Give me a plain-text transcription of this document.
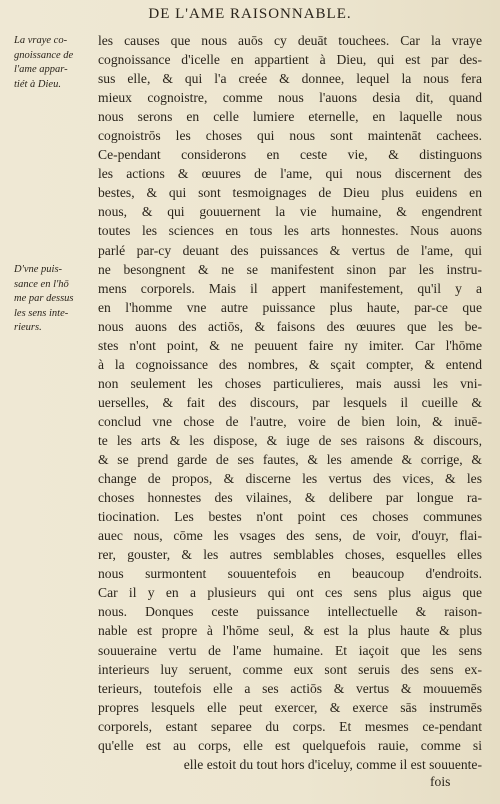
DE L'AME RAISONNABLE.
La vraye co-
gnoissance de
l'ame appar-
tiét à Dieu.
D'vne puis-
sance en l'hō
me par dessus
les sens inte-
rieurs.
les causes que nous auōs cy deuāt touchees. Car la vraye
cognoissance d'icelle en appartient à Dieu, qui est par des-
sus elle, & qui l'a creée & donnee, lequel la nous fera
mieux cognoistre, comme nous l'auons desia dit, quand
nous serons en celle lumiere eternelle, en laquelle nous
cognoistrōs les choses qui nous sont maintenāt cachees.
Ce-pendant considerons en ceste vie, & distinguons
les actions & œuures de l'ame, qui nous discernent des
bestes, & qui sont tesmoignages de Dieu plus euidens en
nous, & qui gouuernent la vie humaine, & engendrent
toutes les sciences en tous les arts honnestes. Nous auons
parlé par-cy deuant des puissances & vertus de l'ame, qui
ne besongnent & ne se manifestent sinon par les instru-
mens corporels. Mais il appert manifestement, qu'il y a
en l'homme vne autre puissance plus haute, par-ce que
nous auons des actiōs, & faisons des œuures que les be-
stes n'ont point, & ne peuuent faire ny imiter. Car l'hōme
à la cognoissance des nombres, & sçait compter, & entend
non seulement les choses particulieres, mais aussi les vni-
uerselles, & fait des discours, par lesquels il cueille &
conclud vne chose de l'autre, voire de bien loin, & inuē-
te les arts & les dispose, & iuge de ses raisons & discours,
& se prend garde de ses fautes, & les amende & corrige, &
change de propos, & discerne les vertus des vices, & les
choses honnestes des vilaines, & delibere par longue ra-
tiocination. Les bestes n'ont point ces choses communes
auec nous, cōme les vsages des sens, de voir, d'ouyr, flai-
rer, gouster, & les autres semblables choses, esquelles elles
nous surmontent souuentefois en beaucoup d'endroits.
Car il y en a plusieurs qui ont ces sens plus aigus que
nous. Donques ceste puissance intellectuelle & raison-
nable est propre à l'hōme seul, & est la plus haute & plus
souueraine vertu de l'ame humaine. Et iaçoit que les sens
interieurs luy seruent, comme eux sont seruis des sens ex-
terieurs, toutefois elle a ses actiōs & vertus & mouuemēs
propres lesquels elle peut exercer, & exerce sās instrumēs
corporels, estant separee du corps. Et mesmes ce-pendant
qu'elle est au corps, elle est quelquefois rauie, comme si
elle estoit du tout hors d'iceluy, comme il est souuente-
fois
